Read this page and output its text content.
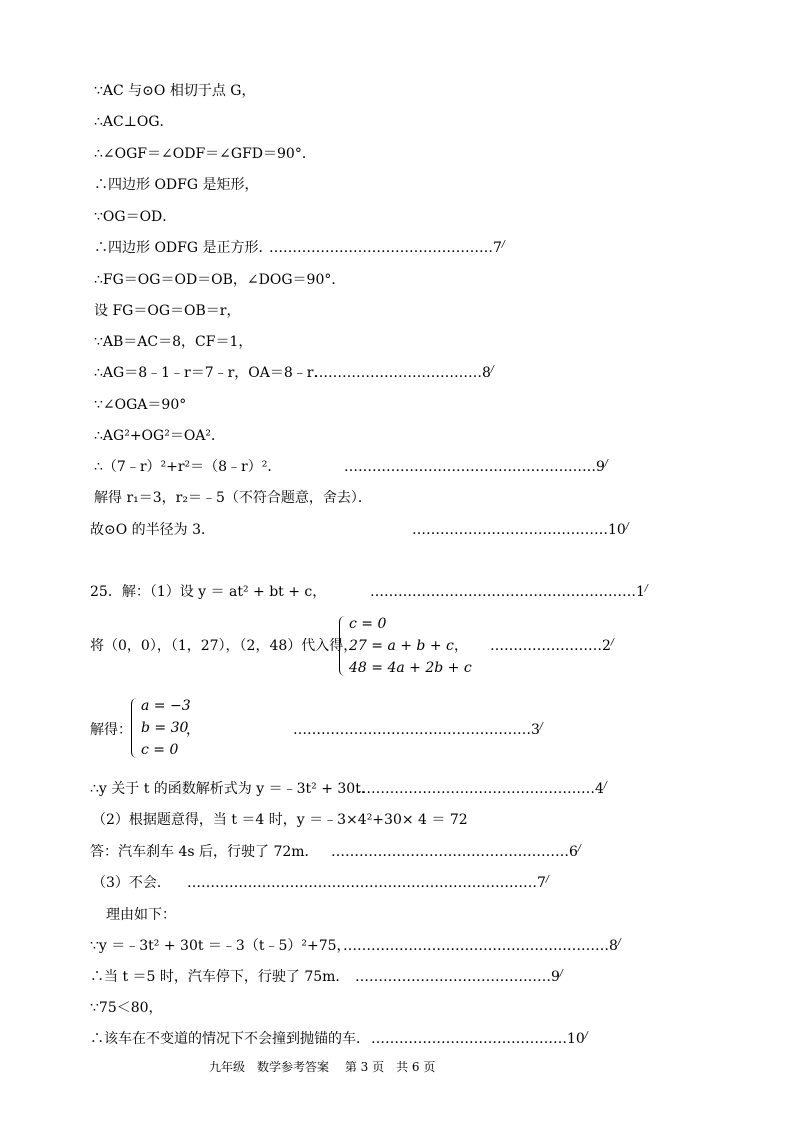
∵AC 与⊙O 相切于点 G，
∴AC⊥OG．
∴∠OGF＝∠ODF＝∠GFD＝90°．
∴四边形 ODFG 是矩形，
∵OG＝OD．
∴四边形 ODFG 是正方形．
…………………………………………7/
∴FG＝OG＝OD＝OB，∠DOG＝90°．
设 FG＝OG＝OB＝r，
∵AB＝AC＝8，CF＝1，
∴AG＝8﹣1﹣r＝7﹣r，OA＝8﹣r．
………………………………8/
∵∠OGA＝90°
∴AG²+OG²＝OA²．
∴（7﹣r）²+r²＝（8﹣r）²．	………………………………………………9/
解得 r₁＝3，r₂＝﹣5（不符合题意，舍去）．
故⊙O 的半径为 3．	……………………………………10/
25．解：（1）设 y ＝ at² + bt + c，	…………………………………………………1/
将（0，0），（1，27），（2，48）代入得，
c = 0
27 = a + b + c
48 = 4a + 2b + c
， ……………………2/
解得：
a = −3
b = 30
c = 0
，	……………………………………………3/
∴y 关于 t 的函数解析式为 y ＝﹣3t² + 30t．
……………………………………………4/
（2）根据题意得，当 t ＝4 时，y ＝﹣3×4²+30× 4 ＝ 72
答：汽车刹车 4s 后，行驶了 72m． ……………………………………………6/
（3）不会． …………………………………………………………………7/
理由如下：
∵y ＝﹣3t² + 30t ＝﹣3（t﹣5）²+75，
…………………………………………………8/
∴当 t ＝5 时，汽车停下，行驶了 75m． ……………………………………9/
∵75＜80，
∴该车在不变道的情况下不会撞到抛锚的车． ……………………………………10/
九年级　数学参考答案　 第 3 页　共 6 页
